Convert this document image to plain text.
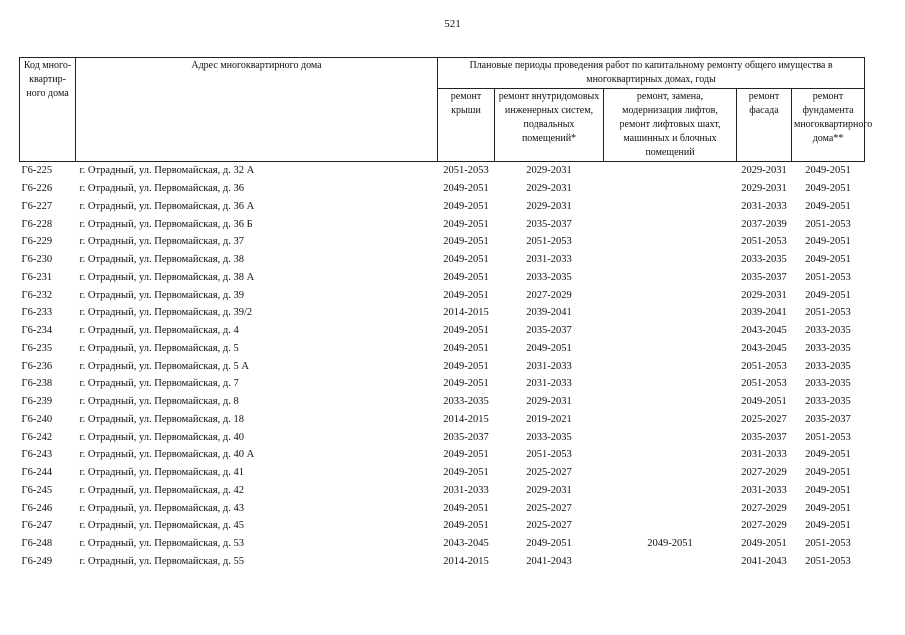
521
Код много-квартир-ного дома	Адрес многоквартирного дома	Плановые периоды проведения работ по капитальному ремонту общего имущества в многоквартирных домах, годы				
		ремонт крыши	ремонт внутридомовых инженерных систем, подвальных помещений*	ремонт, замена, модернизация лифтов, ремонт лифтовых шахт, машинных и блочных помещений	ремонт фасада	ремонт фундамента многоквартирного дома**
Г6-225	г. Отрадный, ул. Первомайская, д. 32 А	2051-2053	2029-2031		2029-2031	2049-2051
Г6-226	г. Отрадный, ул. Первомайская, д. 36	2049-2051	2029-2031		2029-2031	2049-2051
Г6-227	г. Отрадный, ул. Первомайская, д. 36 А	2049-2051	2029-2031		2031-2033	2049-2051
Г6-228	г. Отрадный, ул. Первомайская, д. 36 Б	2049-2051	2035-2037		2037-2039	2051-2053
Г6-229	г. Отрадный, ул. Первомайская, д. 37	2049-2051	2051-2053		2051-2053	2049-2051
Г6-230	г. Отрадный, ул. Первомайская, д. 38	2049-2051	2031-2033		2033-2035	2049-2051
Г6-231	г. Отрадный, ул. Первомайская, д. 38 А	2049-2051	2033-2035		2035-2037	2051-2053
Г6-232	г. Отрадный, ул. Первомайская, д. 39	2049-2051	2027-2029		2029-2031	2049-2051
Г6-233	г. Отрадный, ул. Первомайская, д. 39/2	2014-2015	2039-2041		2039-2041	2051-2053
Г6-234	г. Отрадный, ул. Первомайская, д. 4	2049-2051	2035-2037		2043-2045	2033-2035
Г6-235	г. Отрадный, ул. Первомайская, д. 5	2049-2051	2049-2051		2043-2045	2033-2035
Г6-236	г. Отрадный, ул. Первомайская, д. 5 А	2049-2051	2031-2033		2051-2053	2033-2035
Г6-238	г. Отрадный, ул. Первомайская, д. 7	2049-2051	2031-2033		2051-2053	2033-2035
Г6-239	г. Отрадный, ул. Первомайская, д. 8	2033-2035	2029-2031		2049-2051	2033-2035
Г6-240	г. Отрадный, ул. Первомайская, д. 18	2014-2015	2019-2021		2025-2027	2035-2037
Г6-242	г. Отрадный, ул. Первомайская, д. 40	2035-2037	2033-2035		2035-2037	2051-2053
Г6-243	г. Отрадный, ул. Первомайская, д. 40 А	2049-2051	2051-2053		2031-2033	2049-2051
Г6-244	г. Отрадный, ул. Первомайская, д. 41	2049-2051	2025-2027		2027-2029	2049-2051
Г6-245	г. Отрадный, ул. Первомайская, д. 42	2031-2033	2029-2031		2031-2033	2049-2051
Г6-246	г. Отрадный, ул. Первомайская, д. 43	2049-2051	2025-2027		2027-2029	2049-2051
Г6-247	г. Отрадный, ул. Первомайская, д. 45	2049-2051	2025-2027		2027-2029	2049-2051
Г6-248	г. Отрадный, ул. Первомайская, д. 53	2043-2045	2049-2051	2049-2051	2049-2051	2051-2053
Г6-249	г. Отрадный, ул. Первомайская, д. 55	2014-2015	2041-2043		2041-2043	2051-2053
